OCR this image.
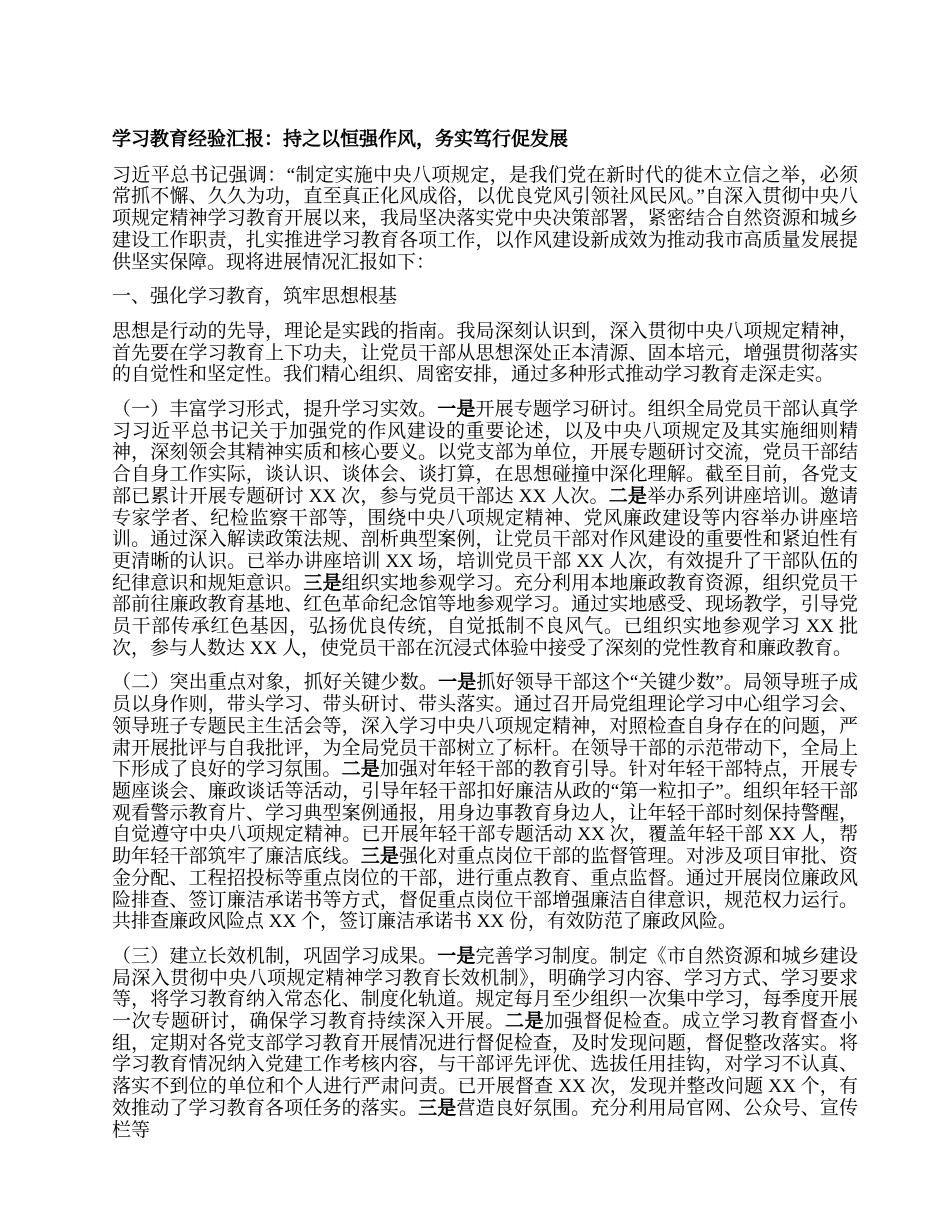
学习教育经验汇报：持之以恒强作风，务实笃行促发展

习近平总书记强调：“制定实施中央八项规定，是我们党在新时代的徙木立信之举，必须常抓不懈、久久为功，直至真正化风成俗，以优良党风引领社风民风。”自深入贯彻中央八项规定精神学习教育开展以来，我局坚决落实党中央决策部署，紧密结合自然资源和城乡建设工作职责，扎实推进学习教育各项工作，以作风建设新成效为推动我市高质量发展提供坚实保障。现将进展情况汇报如下：

一、强化学习教育，筑牢思想根基

思想是行动的先导，理论是实践的指南。我局深刻认识到，深入贯彻中央八项规定精神，首先要在学习教育上下功夫，让党员干部从思想深处正本清源、固本培元，增强贯彻落实的自觉性和坚定性。我们精心组织、周密安排，通过多种形式推动学习教育走深走实。

（一）丰富学习形式，提升学习实效。一是开展专题学习研讨。组织全局党员干部认真学习习近平总书记关于加强党的作风建设的重要论述，以及中央八项规定及其实施细则精神，深刻领会其精神实质和核心要义。以党支部为单位，开展专题研讨交流，党员干部结合自身工作实际，谈认识、谈体会、谈打算，在思想碰撞中深化理解。截至目前，各党支部已累计开展专题研讨 XX 次，参与党员干部达 XX 人次。二是举办系列讲座培训。邀请专家学者、纪检监察干部等，围绕中央八项规定精神、党风廉政建设等内容举办讲座培训。通过深入解读政策法规、剖析典型案例，让党员干部对作风建设的重要性和紧迫性有更清晰的认识。已举办讲座培训 XX 场，培训党员干部 XX 人次，有效提升了干部队伍的纪律意识和规矩意识。三是组织实地参观学习。充分利用本地廉政教育资源，组织党员干部前往廉政教育基地、红色革命纪念馆等地参观学习。通过实地感受、现场教学，引导党员干部传承红色基因，弘扬优良传统，自觉抵制不良风气。已组织实地参观学习 XX 批次，参与人数达 XX 人，使党员干部在沉浸式体验中接受了深刻的党性教育和廉政教育。

（二）突出重点对象，抓好关键少数。一是抓好领导干部这个“关键少数”。局领导班子成员以身作则，带头学习、带头研讨、带头落实。通过召开局党组理论学习中心组学习会、领导班子专题民主生活会等，深入学习中央八项规定精神，对照检查自身存在的问题，严肃开展批评与自我批评，为全局党员干部树立了标杆。在领导干部的示范带动下，全局上下形成了良好的学习氛围。二是加强对年轻干部的教育引导。针对年轻干部特点，开展专题座谈会、廉政谈话等活动，引导年轻干部扣好廉洁从政的“第一粒扣子”。组织年轻干部观看警示教育片、学习典型案例通报，用身边事教育身边人，让年轻干部时刻保持警醒，自觉遵守中央八项规定精神。已开展年轻干部专题活动 XX 次，覆盖年轻干部 XX 人，帮助年轻干部筑牢了廉洁底线。三是强化对重点岗位干部的监督管理。对涉及项目审批、资金分配、工程招投标等重点岗位的干部，进行重点教育、重点监督。通过开展岗位廉政风险排查、签订廉洁承诺书等方式，督促重点岗位干部增强廉洁自律意识，规范权力运行。共排查廉政风险点 XX 个，签订廉洁承诺书 XX 份，有效防范了廉政风险。

（三）建立长效机制，巩固学习成果。一是完善学习制度。制定《市自然资源和城乡建设局深入贯彻中央八项规定精神学习教育长效机制》，明确学习内容、学习方式、学习要求等，将学习教育纳入常态化、制度化轨道。规定每月至少组织一次集中学习，每季度开展一次专题研讨，确保学习教育持续深入开展。二是加强督促检查。成立学习教育督查小组，定期对各党支部学习教育开展情况进行督促检查，及时发现问题，督促整改落实。将学习教育情况纳入党建工作考核内容，与干部评先评优、选拔任用挂钩，对学习不认真、落实不到位的单位和个人进行严肃问责。已开展督查 XX 次，发现并整改问题 XX 个，有效推动了学习教育各项任务的落实。三是营造良好氛围。充分利用局官网、公众号、宣传栏等
